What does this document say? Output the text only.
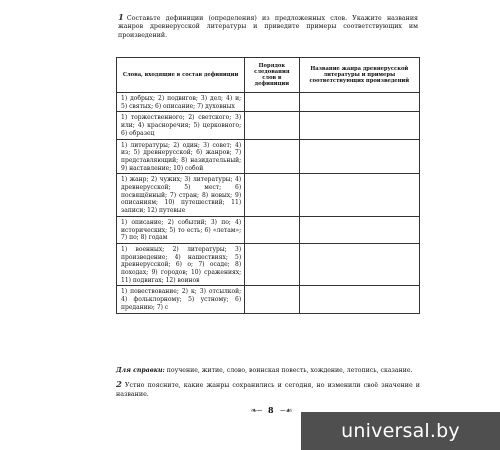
1 Составьте дефиниции (определения) из предложенных слов. Укажите названия жанров древнерусской литературы и приведите примеры соответствующих им произведений.
Слова, входящие в состав дефиниции	Порядок следования слов в дефиниции	Название жанра древнерусской литературы и примеры соответствующих произведений
1) добрых; 2) подвигов; 3) дел; 4) и; 5) святых; 6) описание; 7) духовных		
1) торжественного; 2) светского; 3) или; 4) красноречия; 5) церковного; 6) образец		
1) литературы; 2) один; 3) совет; 4) из; 5) древнерусской; 6) жанров; 7) представляющий; 8) назидательный; 9) наставление; 10) собой		
1) жанр; 2) чужих; 3) литературы; 4) древнерусской; 5) мест; 6) посвящённый; 7) стран; 8) новых; 9) описаниям; 10) путешествий; 11) записи; 12) путевые		
1) описание; 2) событий; 3) по; 4) исторических; 5) то есть; 6) «летам»; 7) по; 8) годам		
1) военных; 2) литературы; 3) произведение; 4) нашествиях; 5) древнерусской; 6) о; 7) осаде; 8) походах; 9) городов; 10) сражениях; 11) подвигах; 12) воинов		
1) повествование; 2) к; 3) отсылкой; 4) фольклорному; 5) устному; 6) преданию; 7) с		
Для справки: поучение, житие, слово, воинская повесть, хождение, летопись, сказание.
2 Устно поясните, какие жанры сохранились и сегодня, но изменили своё значение и название.
❧∽ 8 ∽☙
universal.by
